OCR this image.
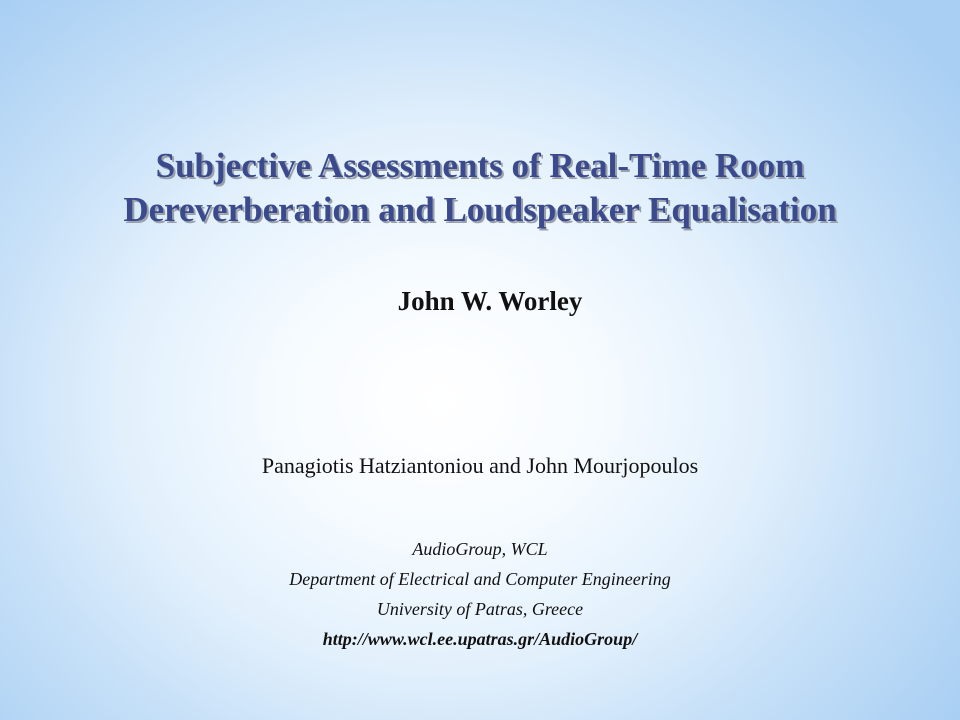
Subjective Assessments of Real-Time Room
Dereverberation and Loudspeaker Equalisation
John W. Worley
Panagiotis Hatziantoniou and John Mourjopoulos
AudioGroup, WCL
Department of Electrical and Computer Engineering
University of Patras, Greece
http://www.wcl.ee.upatras.gr/AudioGroup/
